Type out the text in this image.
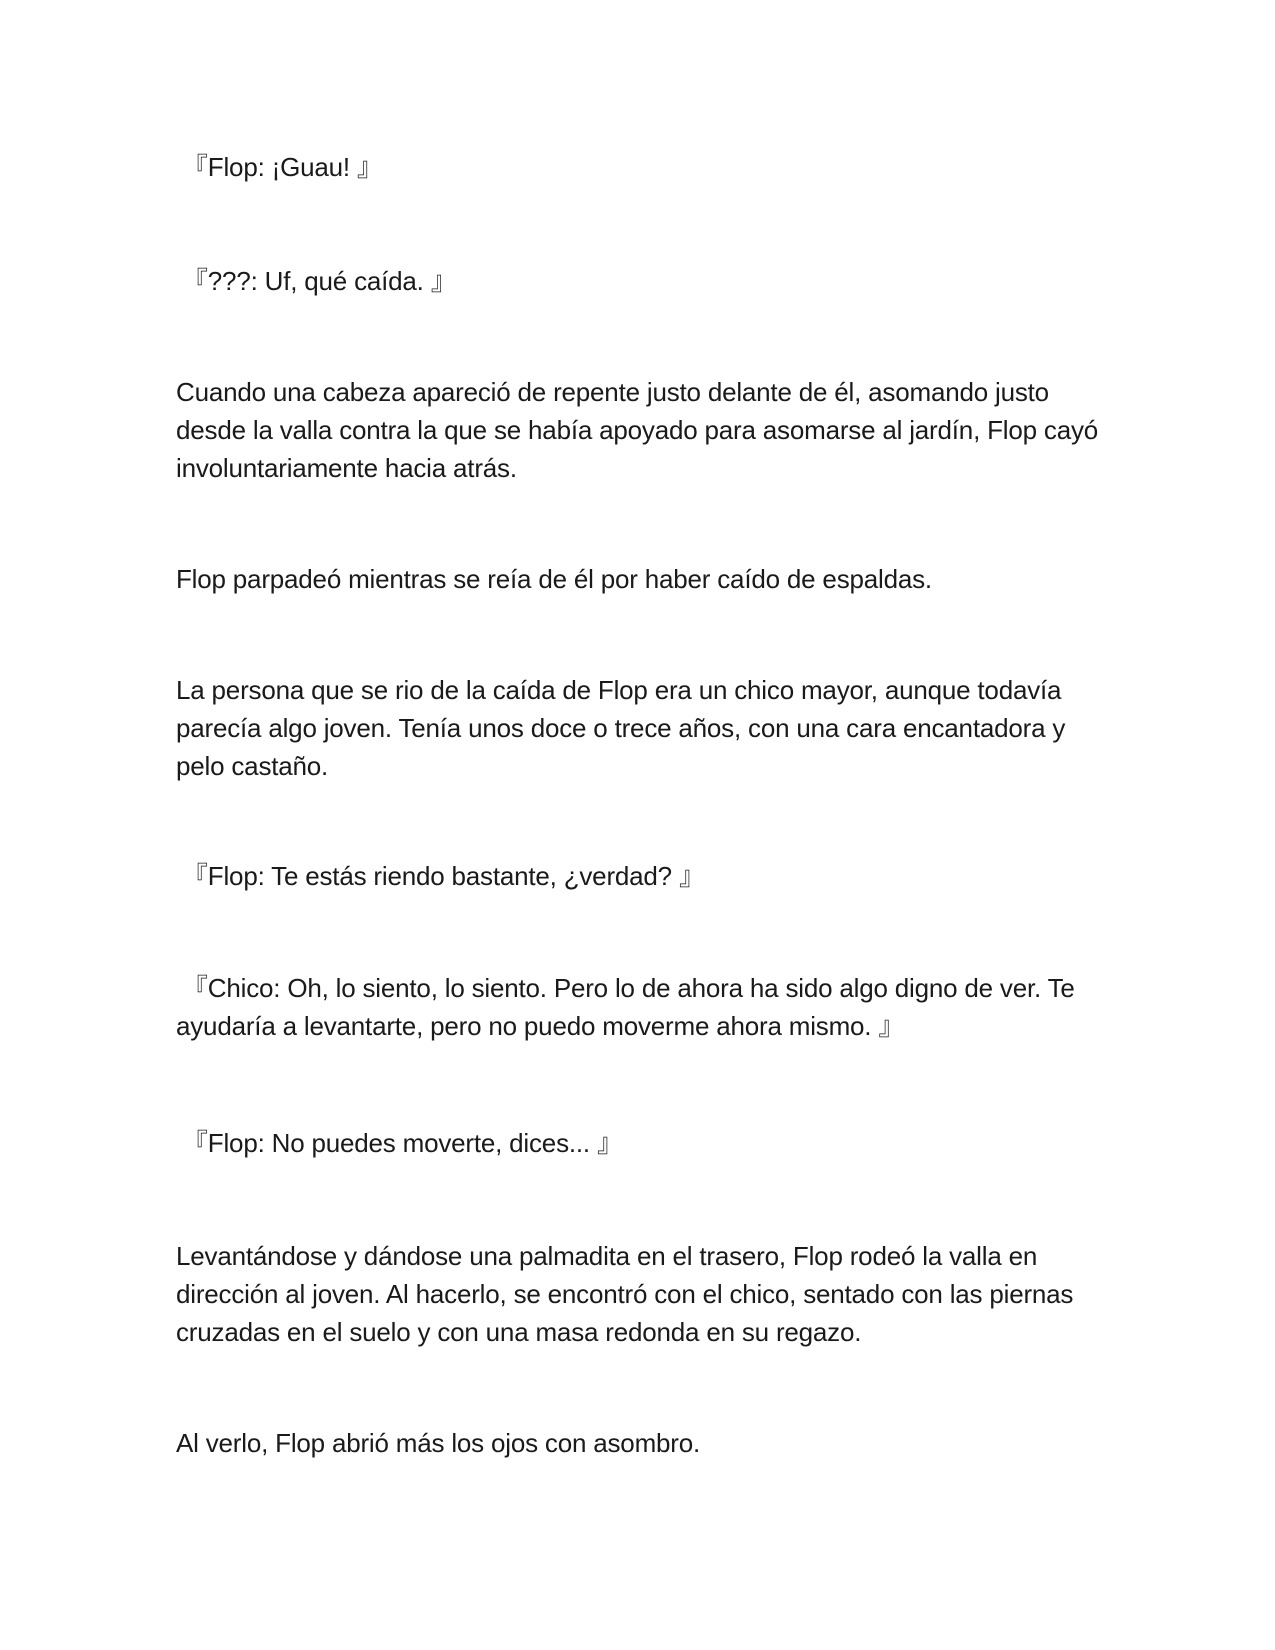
『Flop: ¡Guau! 』

『???: Uf, qué caída. 』

Cuando una cabeza apareció de repente justo delante de él, asomando justo desde la valla contra la que se había apoyado para asomarse al jardín, Flop cayó involuntariamente hacia atrás.

Flop parpadeó mientras se reía de él por haber caído de espaldas.

La persona que se rio de la caída de Flop era un chico mayor, aunque todavía parecía algo joven. Tenía unos doce o trece años, con una cara encantadora y pelo castaño.

『Flop: Te estás riendo bastante, ¿verdad? 』

『Chico: Oh, lo siento, lo siento. Pero lo de ahora ha sido algo digno de ver. Te ayudaría a levantarte, pero no puedo moverme ahora mismo. 』

『Flop: No puedes moverte, dices... 』

Levantándose y dándose una palmadita en el trasero, Flop rodeó la valla en dirección al joven. Al hacerlo, se encontró con el chico, sentado con las piernas cruzadas en el suelo y con una masa redonda en su regazo.

Al verlo, Flop abrió más los ojos con asombro.
